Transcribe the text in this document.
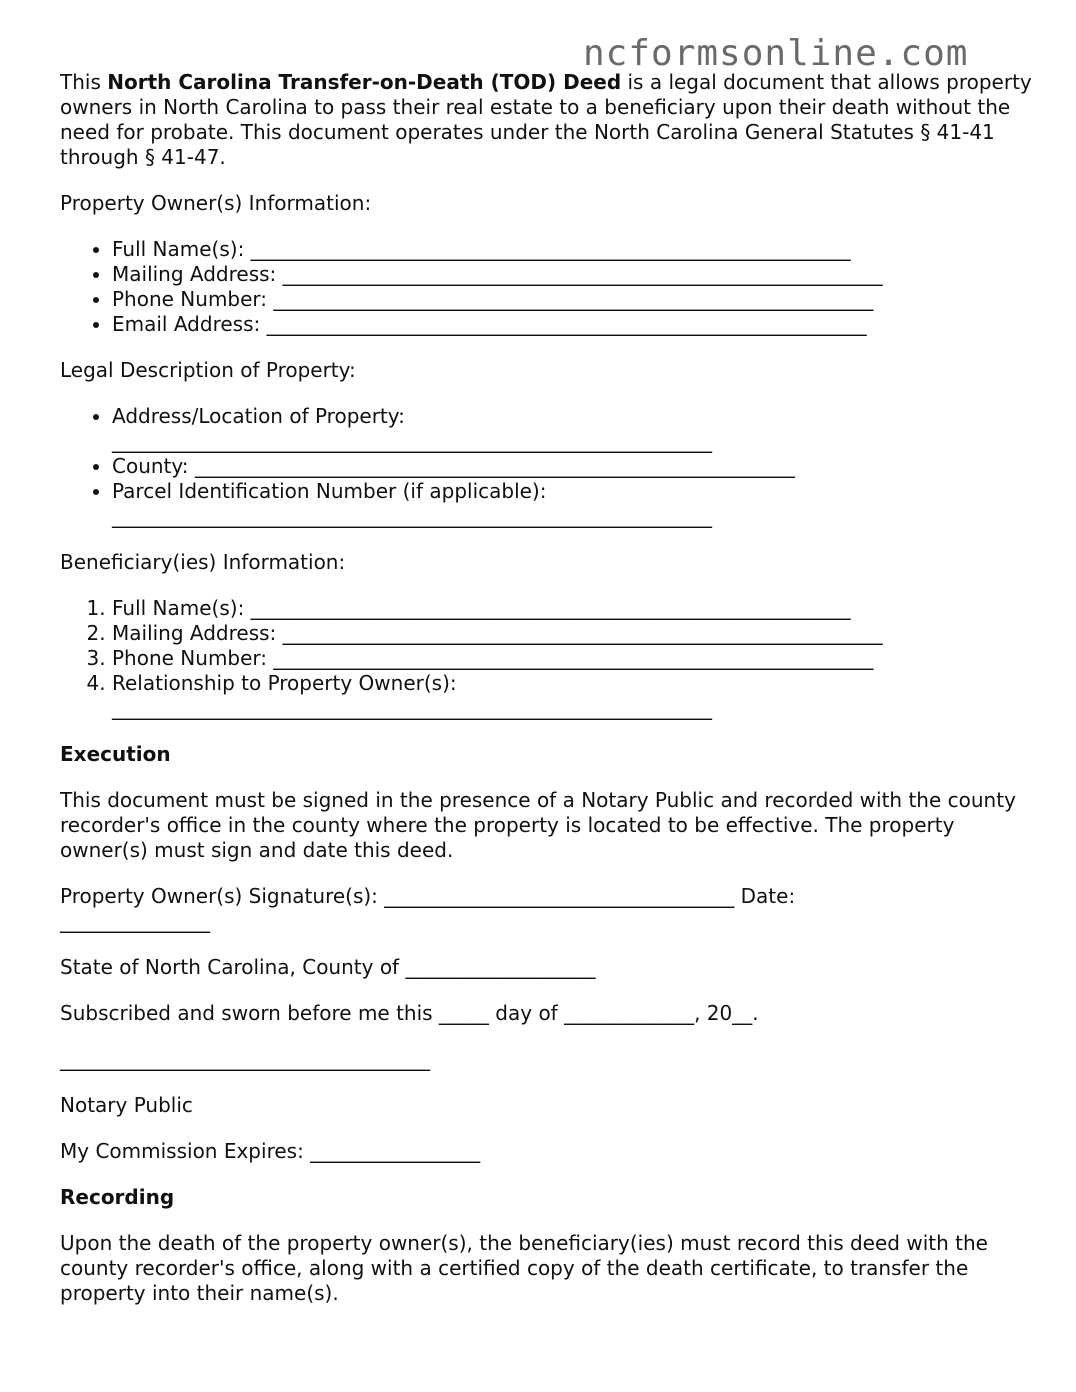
ncformsonline.com

This North Carolina Transfer-on-Death (TOD) Deed is a legal document that allows property owners in North Carolina to pass their real estate to a beneficiary upon their death without the need for probate. This document operates under the North Carolina General Statutes § 41-41 through § 41-47.

Property Owner(s) Information:

• Full Name(s): ____________________________________________________________
• Mailing Address: ____________________________________________________________
• Phone Number: ____________________________________________________________
• Email Address: ____________________________________________________________

Legal Description of Property:

• Address/Location of Property:
____________________________________________________________
• County: ____________________________________________________________
• Parcel Identification Number (if applicable):
____________________________________________________________

Beneficiary(ies) Information:

1. Full Name(s): ____________________________________________________________
2. Mailing Address: ____________________________________________________________
3. Phone Number: ____________________________________________________________
4. Relationship to Property Owner(s):
____________________________________________________________

Execution

This document must be signed in the presence of a Notary Public and recorded with the county recorder's office in the county where the property is located to be effective. The property owner(s) must sign and date this deed.

Property Owner(s) Signature(s): ___________________________________ Date:
_______________

State of North Carolina, County of ___________________

Subscribed and sworn before me this _____ day of _____________, 20__.

_____________________________________

Notary Public

My Commission Expires: _________________

Recording

Upon the death of the property owner(s), the beneficiary(ies) must record this deed with the county recorder's office, along with a certified copy of the death certificate, to transfer the property into their name(s).
